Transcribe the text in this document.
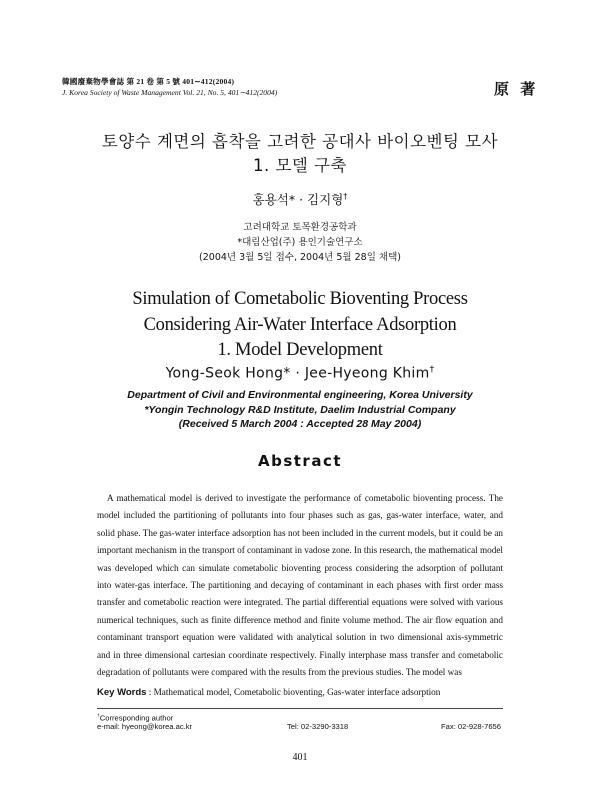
韓國廢棄物學會誌 第 21 卷 第 5 號 401∼412(2004)
J. Korea Society of Waste Management Vol. 21, No. 5, 401∼412(2004)	原 著
토양수 계면의 흡착을 고려한 공대사 바이오벤팅 모사
1. 모델 구축
홍용석* · 김지형†
고려대학교 토목환경공학과
*대림산업(주) 용인기술연구소
(2004년 3월 5일 접수, 2004년 5월 28일 채택)
Simulation of Cometabolic Bioventing Process
Considering Air-Water Interface Adsorption
1. Model Development
Yong-Seok Hong* · Jee-Hyeong Khim†
Department of Civil and Environmental engineering, Korea University
*Yongin Technology R&D Institute, Daelim Industrial Company
(Received 5 March 2004 : Accepted 28 May 2004)
Abstract

A mathematical model is derived to investigate the performance of cometabolic bioventing process. The model included the partitioning of pollutants into four phases such as gas, gas-water interface, water, and solid phase. The gas-water interface adsorption has not been included in the current models, but it could be an important mechanism in the transport of contaminant in vadose zone. In this research, the mathematical model was developed which can simulate cometabolic bioventing process considering the adsorption of pollutant into water-gas interface. The partitioning and decaying of contaminant in each phases with first order mass transfer and cometabolic reaction were integrated. The partial differential equations were solved with various numerical techniques, such as finite difference method and finite volume method. The air flow equation and contaminant transport equation were validated with analytical solution in two dimensional axis-symmetric and in three dimensional cartesian coordinate respectively. Finally interphase mass transfer and cometabolic degradation of pollutants were compared with the results from the previous studies. The model was

Key Words : Mathematical model, Cometabolic bioventing, Gas-water interface adsorption
†Corresponding author
e-mail: hyeong@korea.ac.kr	Tel: 02-3290-3318	Fax: 02-928-7656
401
